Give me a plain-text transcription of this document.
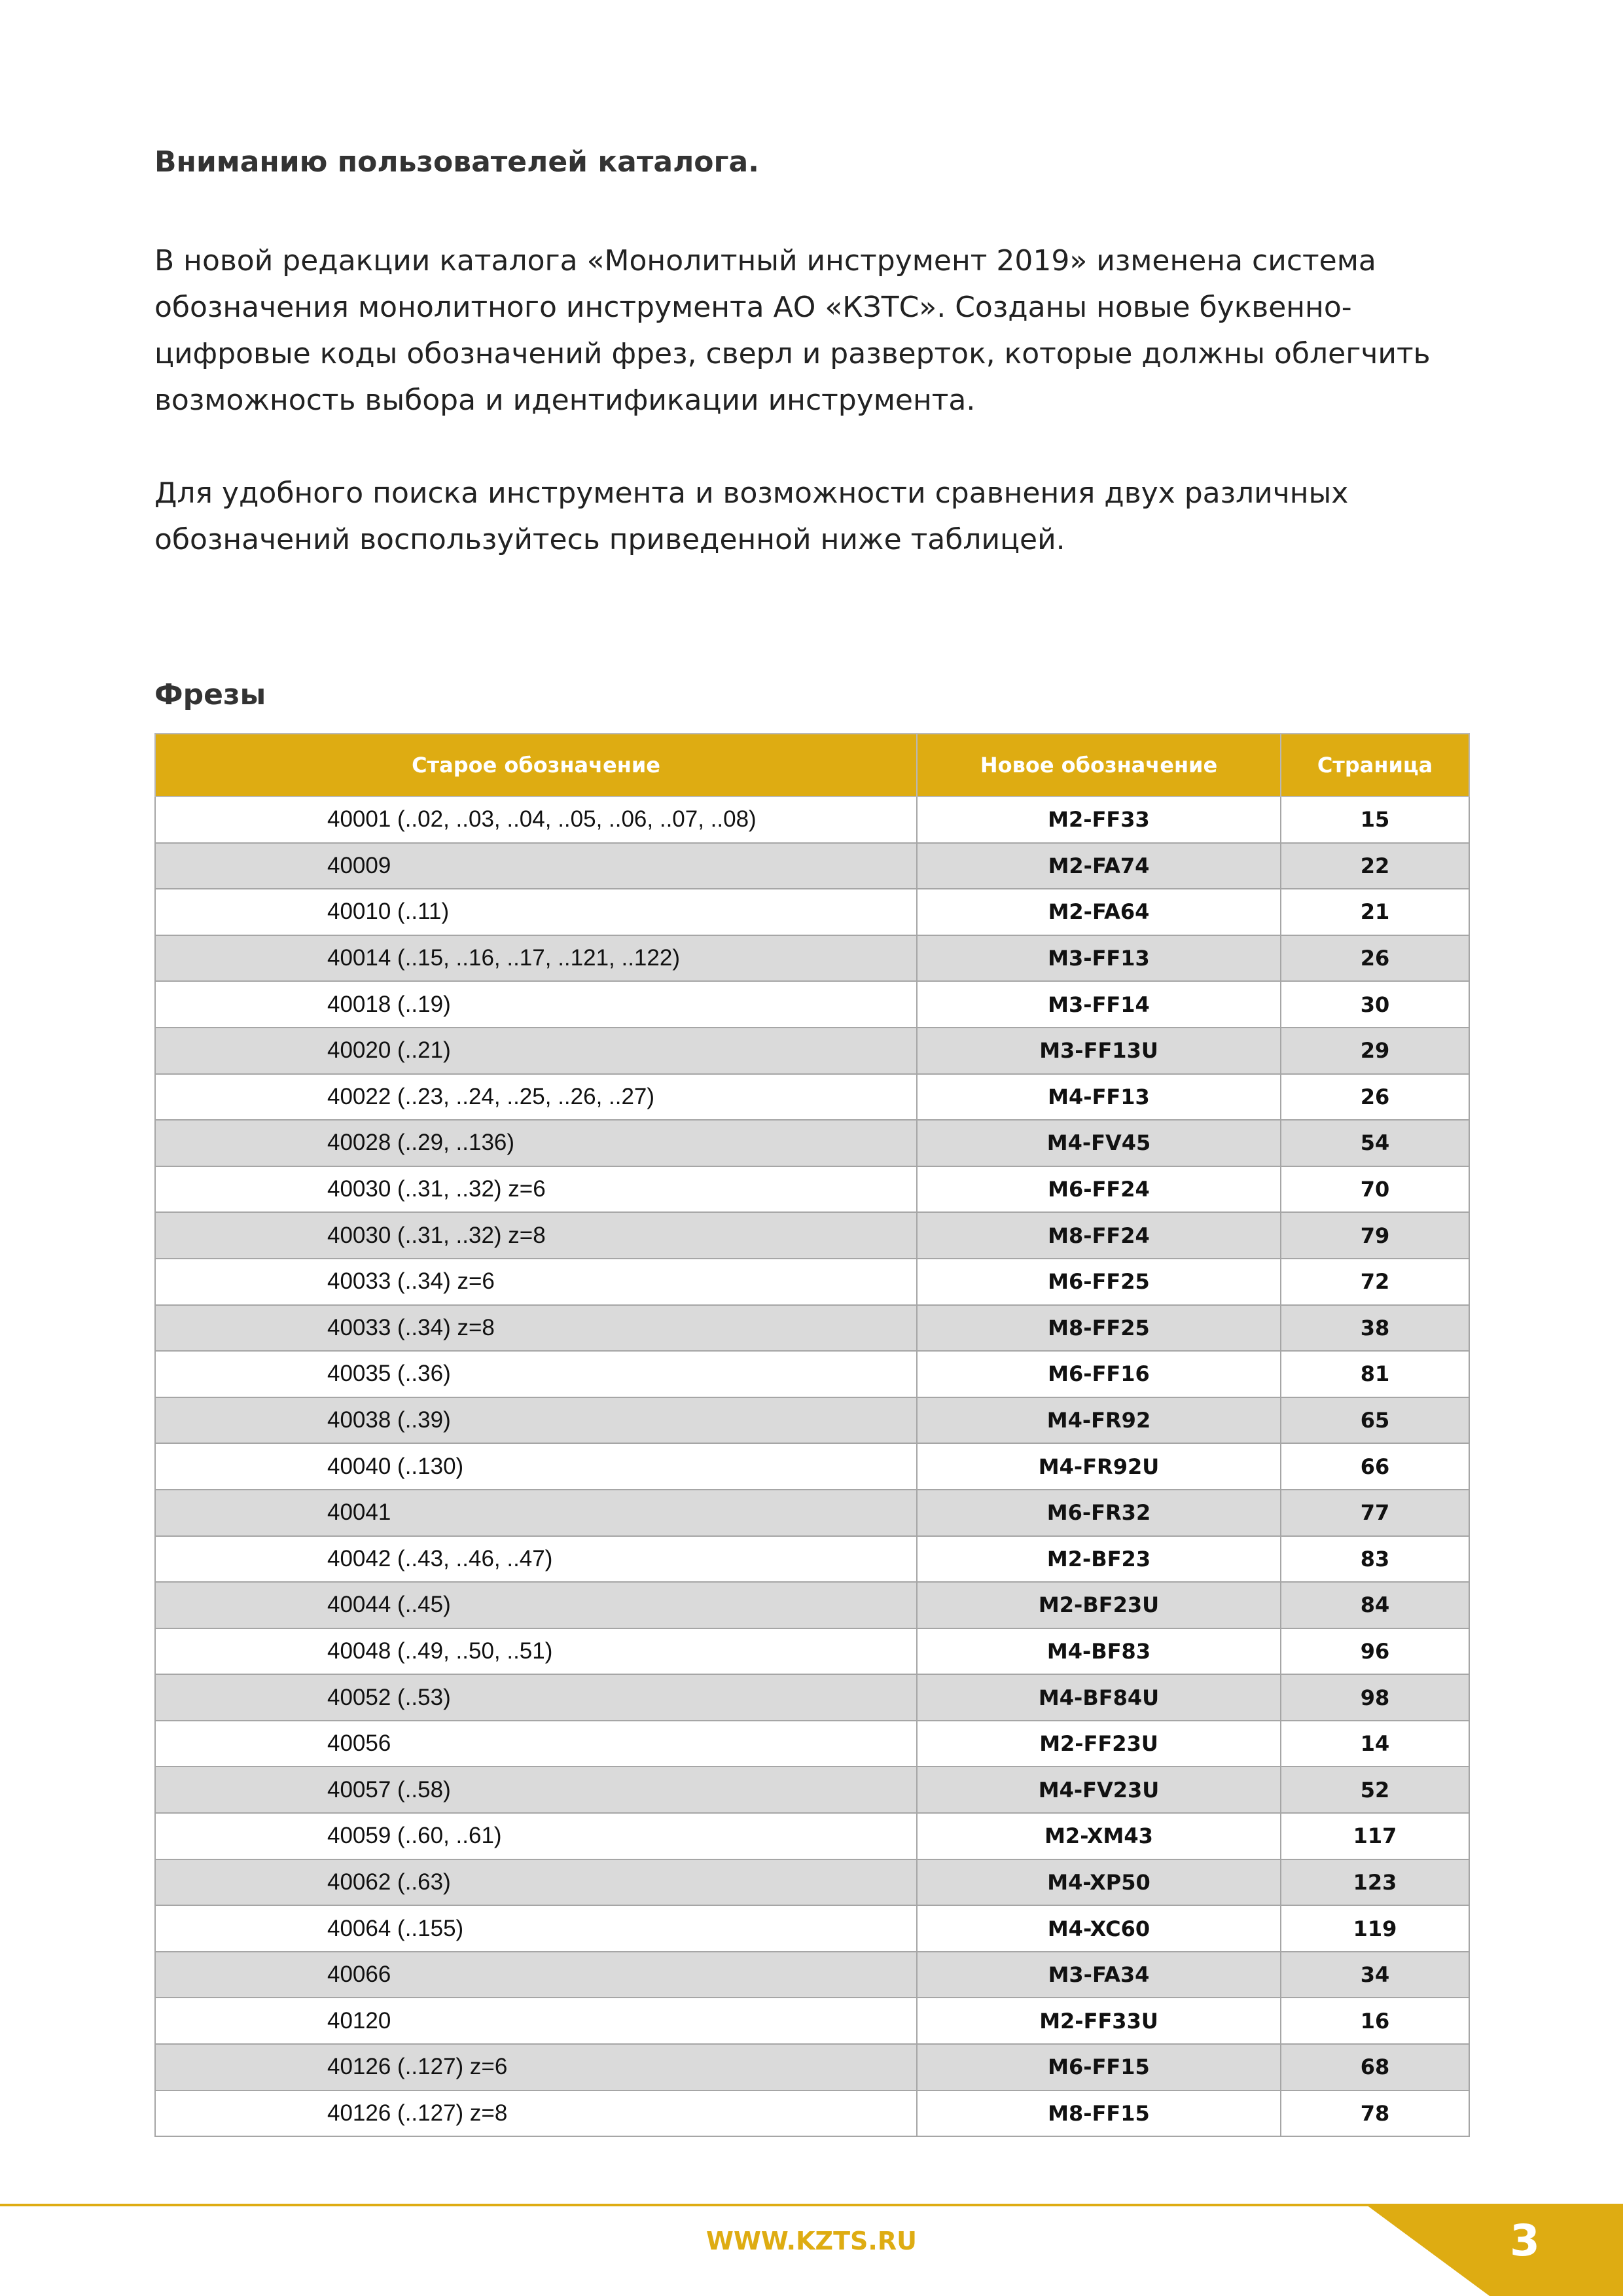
Вниманию пользователей каталога.

В новой редакции каталога «Монолитный инструмент 2019» изменена система обозначения монолитного инструмента АО «КЗТС». Созданы новые буквенно-цифровые коды обозначений фрез, сверл и разверток, которые должны облегчить возможность выбора и идентификации инструмента.

Для удобного поиска инструмента и возможности сравнения двух различных обозначений воспользуйтесь приведенной ниже таблицей.

Фрезы
Старое обозначение	Новое обозначение	Страница
40001 (..02, ..03, ..04, ..05, ..06, ..07, ..08)	M2-FF33	15
40009	M2-FA74	22
40010 (..11)	M2-FA64	21
40014 (..15, ..16, ..17, ..121, ..122)	M3-FF13	26
40018 (..19)	M3-FF14	30
40020 (..21)	M3-FF13U	29
40022 (..23, ..24, ..25, ..26, ..27)	M4-FF13	26
40028 (..29, ..136)	M4-FV45	54
40030 (..31, ..32) z=6	M6-FF24	70
40030 (..31, ..32) z=8	M8-FF24	79
40033 (..34) z=6	M6-FF25	72
40033 (..34) z=8	M8-FF25	38
40035 (..36)	M6-FF16	81
40038 (..39)	M4-FR92	65
40040 (..130)	M4-FR92U	66
40041	M6-FR32	77
40042 (..43, ..46, ..47)	M2-BF23	83
40044 (..45)	M2-BF23U	84
40048 (..49, ..50, ..51)	M4-BF83	96
40052 (..53)	M4-BF84U	98
40056	M2-FF23U	14
40057 (..58)	M4-FV23U	52
40059 (..60, ..61)	M2-XM43	117
40062 (..63)	M4-XP50	123
40064 (..155)	M4-XC60	119
40066	M3-FA34	34
40120	M2-FF33U	16
40126 (..127) z=6	M6-FF15	68
40126 (..127) z=8	M8-FF15	78
WWW.KZTS.RU	3
